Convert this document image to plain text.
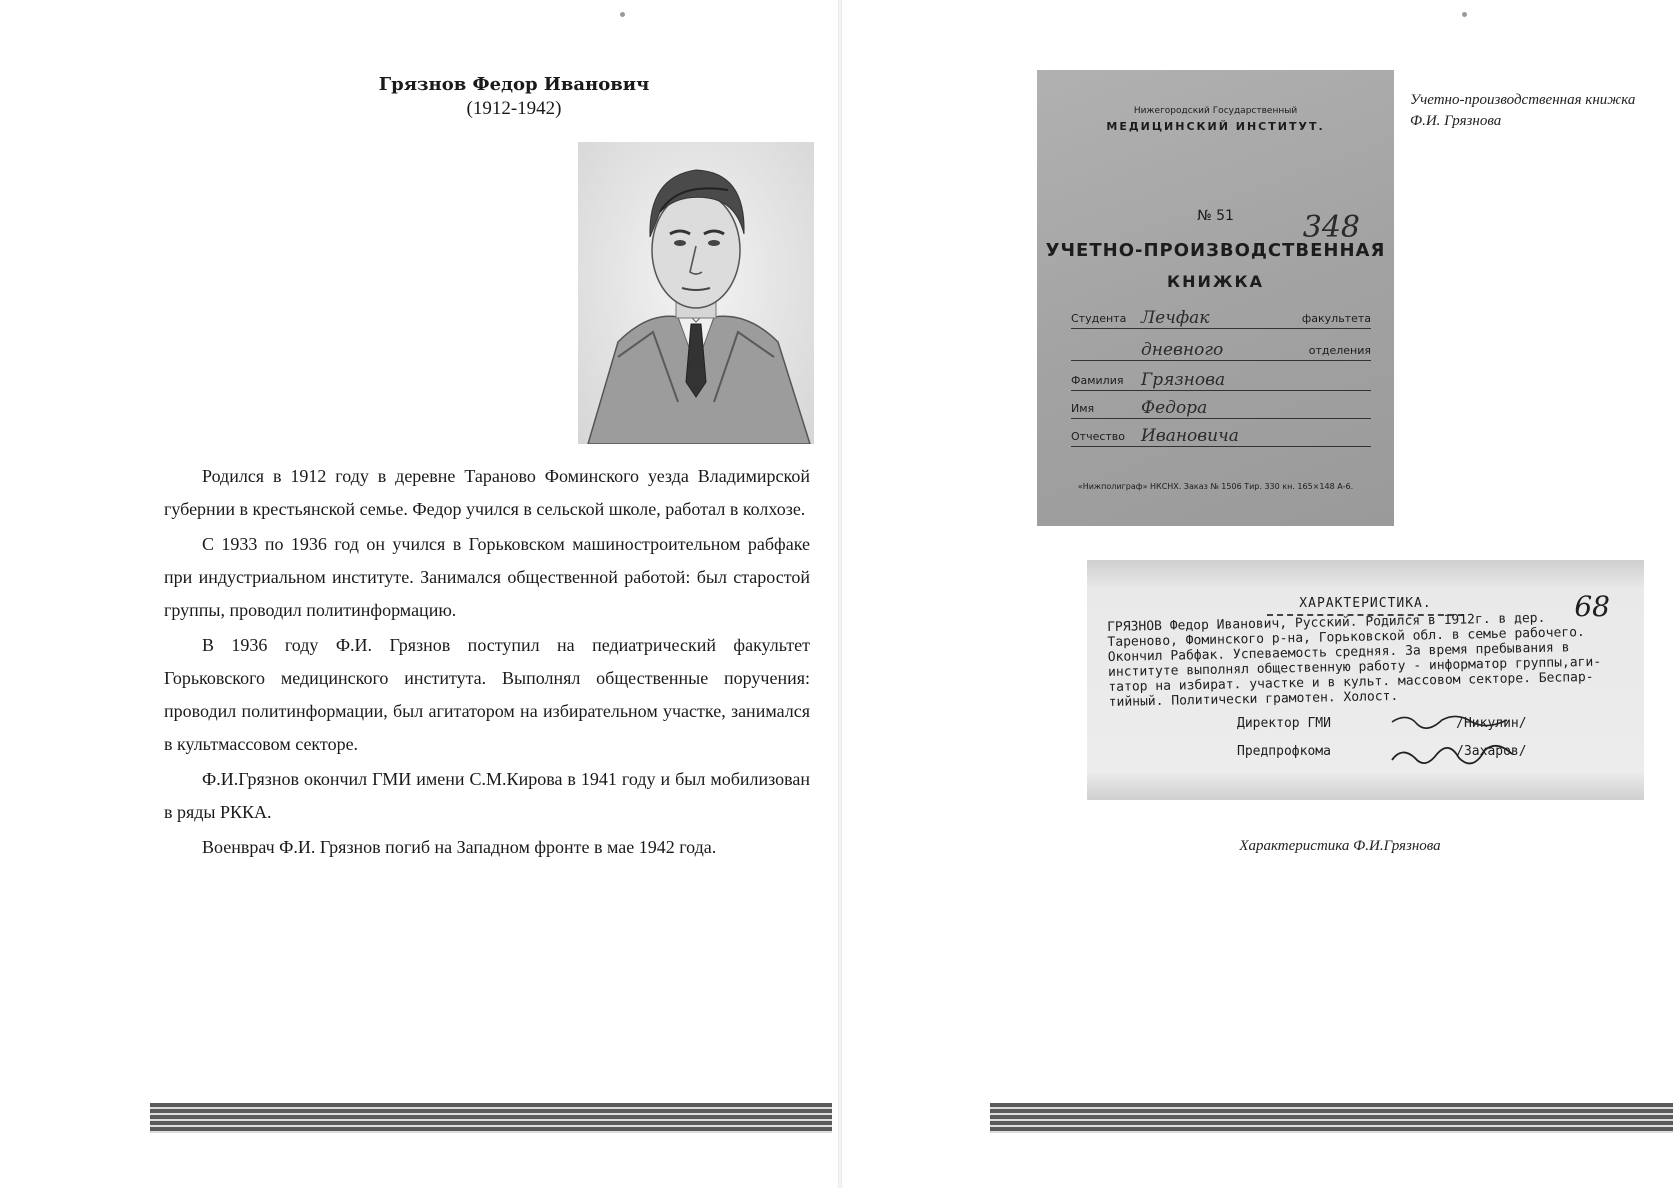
Грязнов Федор Иванович
(1912-1942)

Родился в 1912 году в деревне Тараново Фоминского уезда Владимирской губернии в крестьянской семье. Федор учился в сельской школе, работал в колхозе.

С 1933 по 1936 год он учился в Горьковском машиностроительном рабфаке при индустриальном институте. Занимался общественной работой: был старостой группы, проводил политинформацию.

В 1936 году Ф.И. Грязнов поступил на педиатрический факультет Горьковского медицинского института. Выполнял общественные поручения: проводил политинформации, был агитатором на избирательном участке, занимался в культмассовом секторе.

Ф.И.Грязнов окончил ГМИ имени С.М.Кирова в 1941 году и был мобилизован в ряды РККА.

Военврач Ф.И. Грязнов погиб на Западном фронте в мае 1942 года.

Нижегородский Государственный
МЕДИЦИНСКИЙ ИНСТИТУТ.
348
№ 51
УЧЕТНО-ПРОИЗВОДСТВЕННАЯ
КНИЖКА
Студента Лечфак	факультета
дневного	отделения
Фамилия Грязнова
Имя	Федора
Отчество Ивановича
«Нижполиграф» НКСНХ. Заказ № 1506 Тир. 330 кн. 165×148 А-6.
Учетно-производственная книжка Ф.И. Грязнова
ХАРАКТЕРИСТИКА.	68
ГРЯЗНОВ Федор Иванович, Русский. Родился в 1912г. в дер.
Тареново, Фоминского р-на, Горьковской обл. в семье рабочего.
Окончил Рабфак. Успеваемость средняя. За время пребывания в
институте выполнял общественную работу - информатор группы,аги-
татор на избират. участке и в культ. массовом секторе. Беспар-
тийный. Политически грамотен. Холост.
Директор ГМИ                /Никулин/
Предпрофкома                /Захаров/
Характеристика Ф.И.Грязнова
